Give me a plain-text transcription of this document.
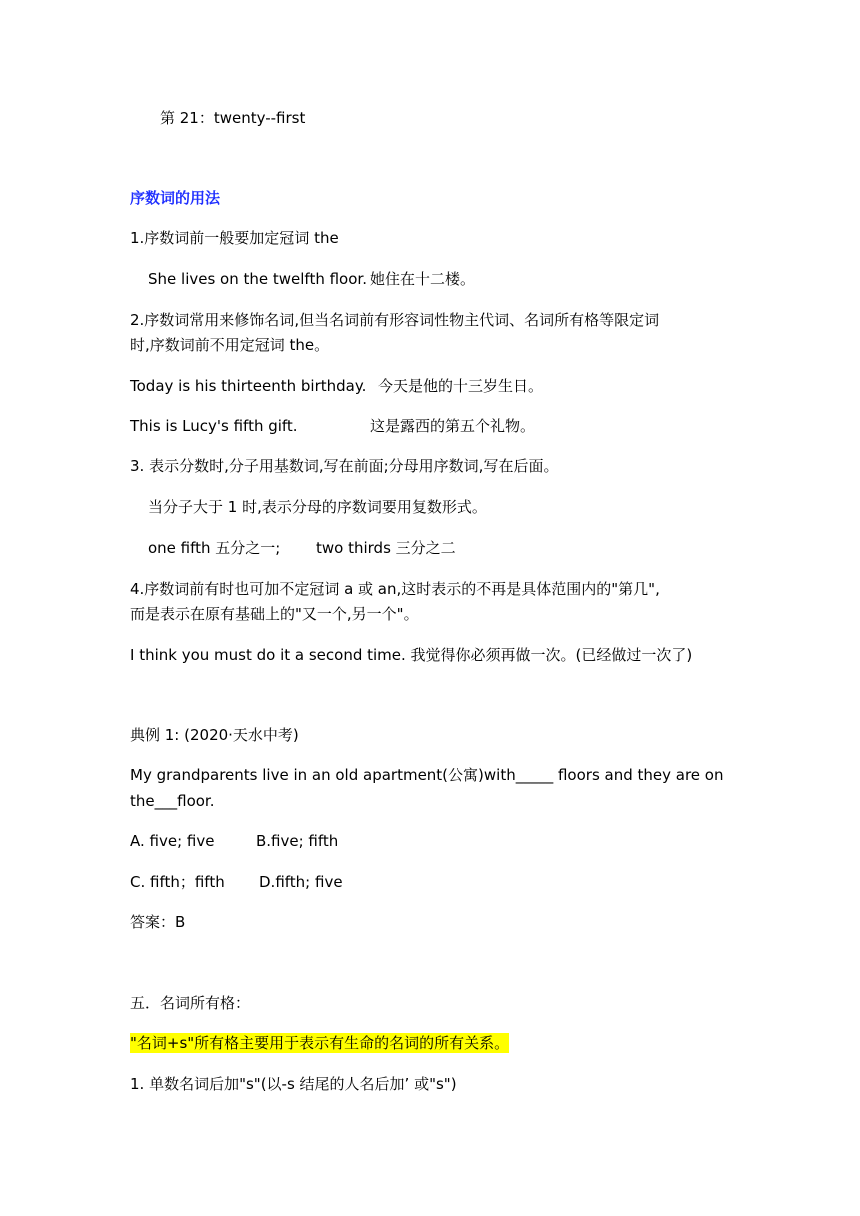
第 21：twenty--first
序数词的用法
1.序数词前一般要加定冠词 the
She lives on the twelfth floor. 她住在十二楼。
2.序数词常用来修饰名词,但当名词前有形容词性物主代词、名词所有格等限定词
时,序数词前不用定冠词 the。
Today is his thirteenth birthday. 今天是他的十三岁生日。
This is Lucy's fifth gift.	这是露西的第五个礼物。
3. 表示分数时,分子用基数词,写在前面;分母用序数词,写在后面。
当分子大于 1 时,表示分母的序数词要用复数形式。
one fifth 五分之一; two thirds 三分之二
4.序数词前有时也可加不定冠词 a 或 an,这时表示的不再是具体范围内的"第几",
而是表示在原有基础上的"又一个,另一个"。
I think you must do it a second time. 我觉得你必须再做一次。(已经做过一次了)
典例 1: (2020·天水中考)
My grandparents live in an old apartment(公寓)with_____ floors and they are on
the___floor.
A. five; five	B.five; fifth
C. fifth；fifth D.fifth; five
答案：B
五．名词所有格：
"名词+s"所有格主要用于表示有生命的名词的所有关系。
1. 单数名词后加"s"(以-s 结尾的人名后加’ 或"s")
